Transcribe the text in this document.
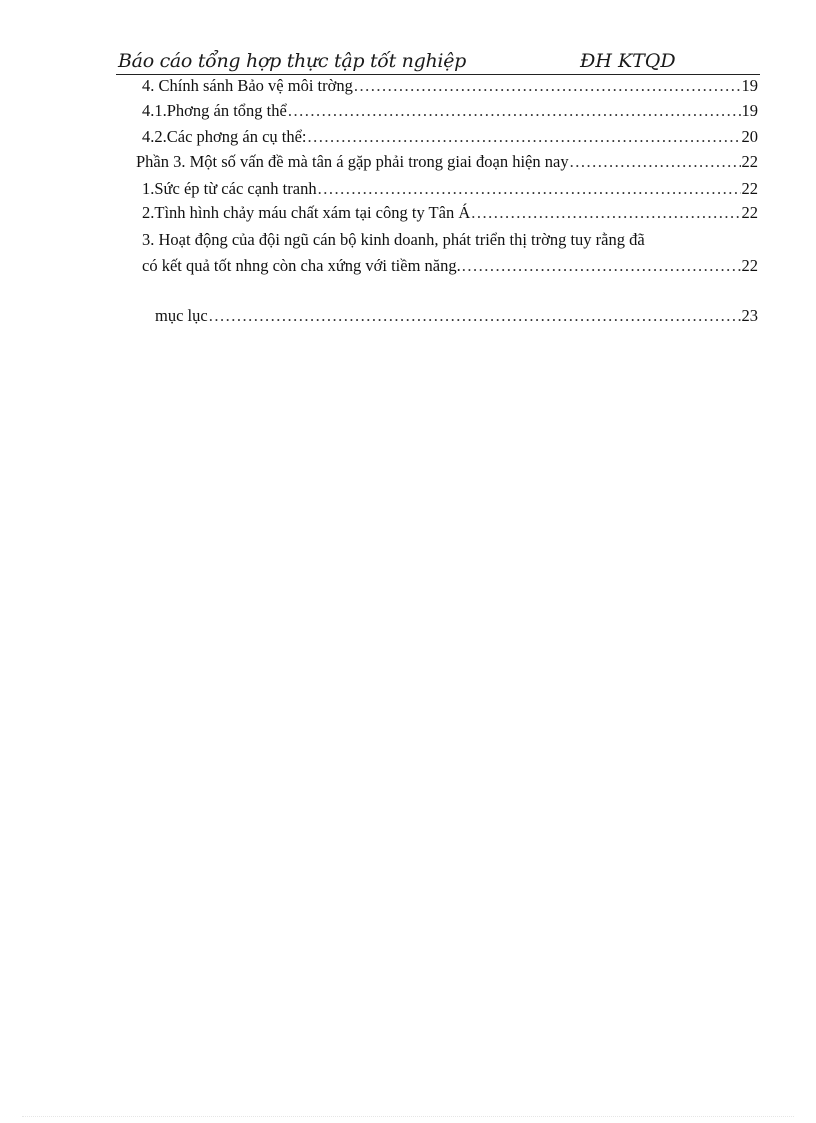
Báo cáo tổng hợp thực tập tốt nghiệp	ĐH KTQD
4. Chính sánh Bảo vệ môi trờng .....	19
4.1.Phơng án tổng thể .....	19
4.2.Các phơng án cụ thể: .....	20
Phần 3. Một số vấn đề mà tân á gặp phải trong giai đoạn hiện nay .....	22
1.Sức ép từ các cạnh tranh .....	22
2.Tình hình chảy máu chất xám tại công ty Tân Á .....	22
3. Hoạt động của đội ngũ cán bộ kinh doanh, phát triển thị trờng tuy rằng đã
có kết quả tốt nhng còn cha xứng với tiềm năng. .....	22
mục lục .....	23
